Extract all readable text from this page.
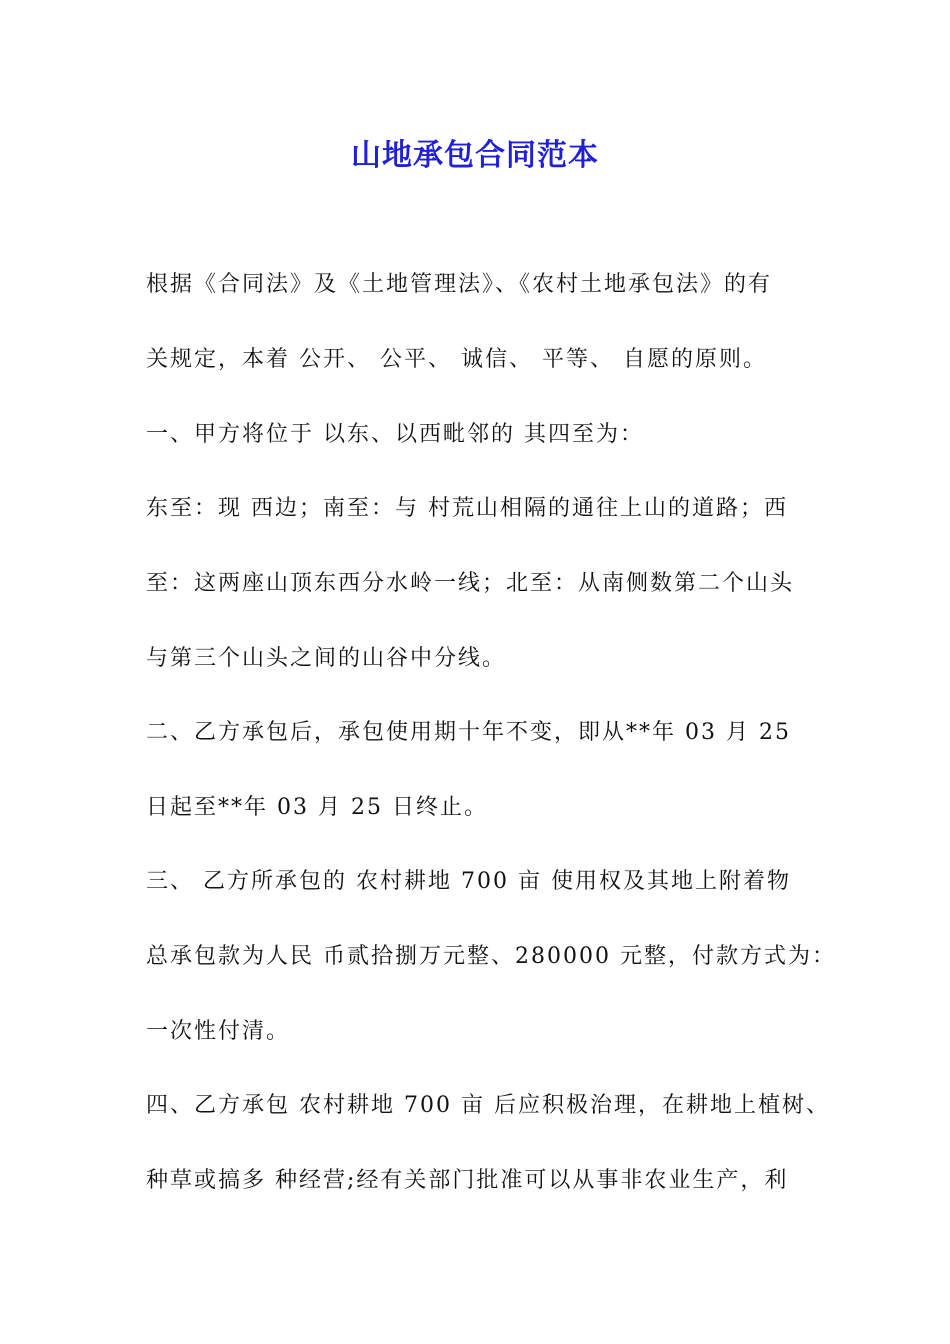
山地承包合同范本
根据《合同法》及《土地管理法》、《农村土地承包法》的有
关规定，本着 公开、 公平、 诚信、 平等、 自愿的原则。
一、甲方将位于 以东、以西毗邻的 其四至为：
东至：现 西边；南至：与 村荒山相隔的通往上山的道路；西
至：这两座山顶东西分水岭一线；北至：从南侧数第二个山头
与第三个山头之间的山谷中分线。
二、乙方承包后，承包使用期十年不变，即从**年 03 月 25
日起至**年 03 月 25 日终止。
三、 乙方所承包的 农村耕地 700 亩 使用权及其地上附着物
总承包款为人民 币贰拾捌万元整、280000 元整，付款方式为：
一次性付清。
四、乙方承包 农村耕地 700 亩 后应积极治理，在耕地上植树、
种草或搞多 种经营;经有关部门批准可以从事非农业生产，利
